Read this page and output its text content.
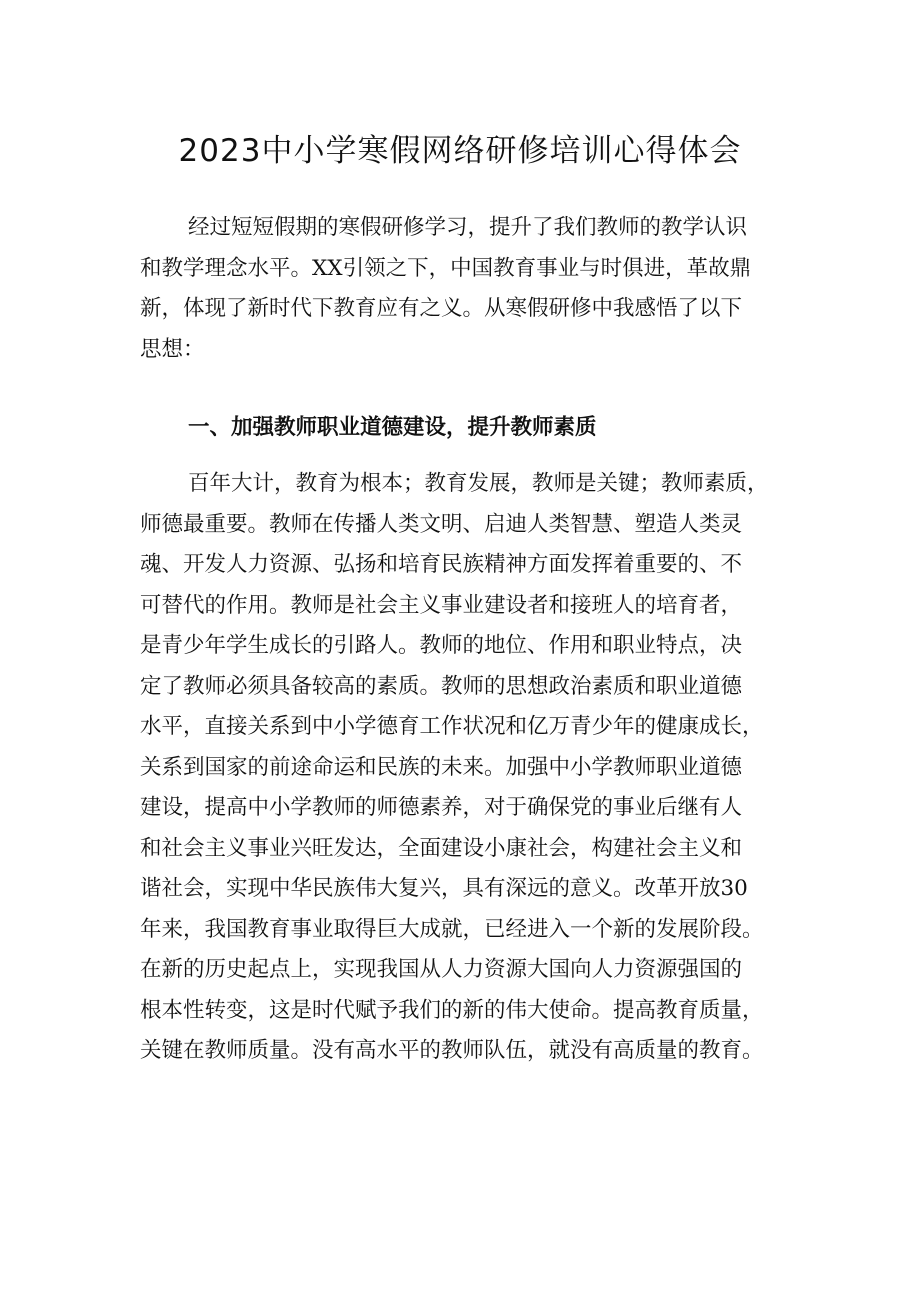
2023中小学寒假网络研修培训心得体会
经过短短假期的寒假研修学习，提升了我们教师的教学认识
和教学理念水平。XX引领之下，中国教育事业与时俱进，革故鼎
新，体现了新时代下教育应有之义。从寒假研修中我感悟了以下
思想：
一、加强教师职业道德建设，提升教师素质
百年大计，教育为根本；教育发展，教师是关键；教师素质，
师德最重要。教师在传播人类文明、启迪人类智慧、塑造人类灵
魂、开发人力资源、弘扬和培育民族精神方面发挥着重要的、不
可替代的作用。教师是社会主义事业建设者和接班人的培育者，
是青少年学生成长的引路人。教师的地位、作用和职业特点，决
定了教师必须具备较高的素质。教师的思想政治素质和职业道德
水平，直接关系到中小学德育工作状况和亿万青少年的健康成长，
关系到国家的前途命运和民族的未来。加强中小学教师职业道德
建设，提高中小学教师的师德素养，对于确保党的事业后继有人
和社会主义事业兴旺发达，全面建设小康社会，构建社会主义和
谐社会，实现中华民族伟大复兴，具有深远的意义。改革开放30
年来，我国教育事业取得巨大成就，已经进入一个新的发展阶段。
在新的历史起点上，实现我国从人力资源大国向人力资源强国的
根本性转变，这是时代赋予我们的新的伟大使命。提高教育质量，
关键在教师质量。没有高水平的教师队伍，就没有高质量的教育。
